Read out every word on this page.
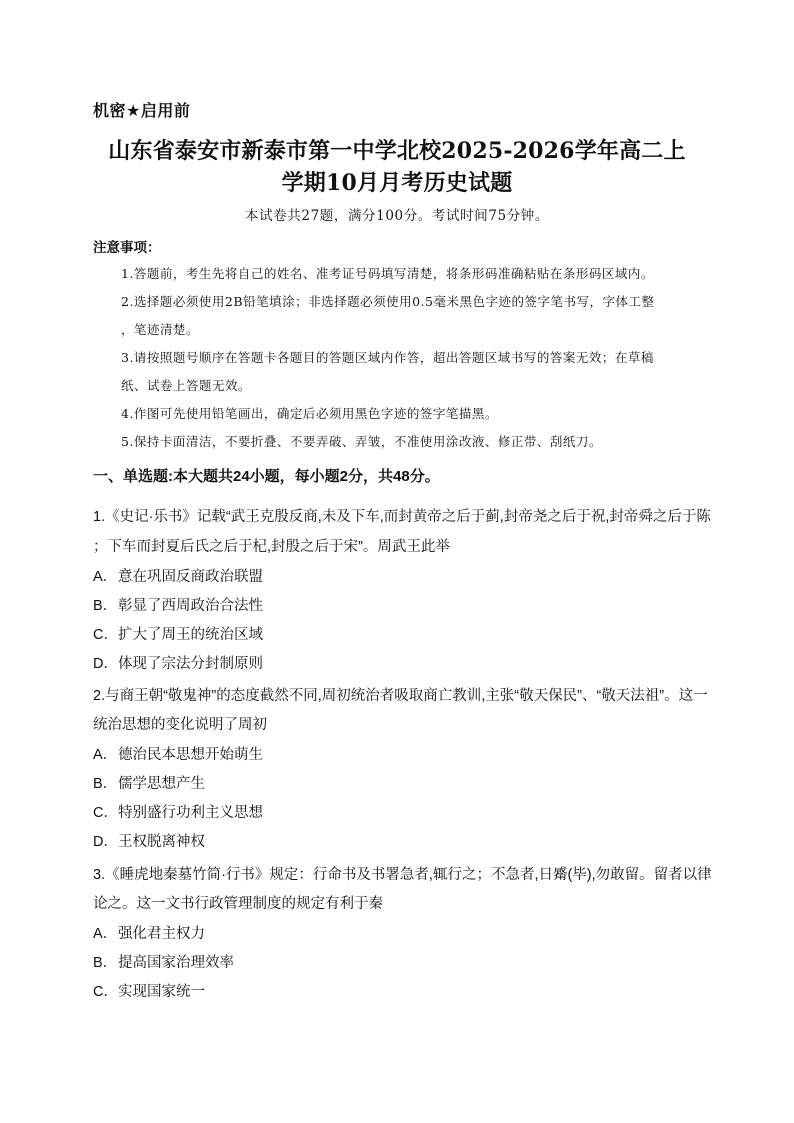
机密★启用前
山东省泰安市新泰市第一中学北校2025-2026学年高二上
学期10月月考历史试题
本试卷共27题，满分100分。考试时间75分钟。
注意事项：
1.答题前，考生先将自己的姓名、准考证号码填写清楚，将条形码准确粘贴在条形码区域内。
2.选择题必须使用2B铅笔填涂；非选择题必须使用0.5毫米黑色字迹的签字笔书写，字体工整
，笔迹清楚。
3.请按照题号顺序在答题卡各题目的答题区域内作答，超出答题区域书写的答案无效；在草稿
纸、试卷上答题无效。
4.作图可先使用铅笔画出，确定后必须用黑色字迹的签字笔描黑。
5.保持卡面清洁，不要折叠、不要弄破、弄皱，不准使用涂改液、修正带、刮纸刀。
一、单选题:本大题共24小题，每小题2分，共48分。
1.《史记·乐书》记载“武王克殷反商,未及下车,而封黄帝之后于蓟,封帝尧之后于祝,封帝舜之后于陈
；下车而封夏后氏之后于杞,封殷之后于宋”。周武王此举
A．意在巩固反商政治联盟
B．彰显了西周政治合法性
C．扩大了周王的统治区域
D．体现了宗法分封制原则
2.与商王朝“敬鬼神”的态度截然不同,周初统治者吸取商亡教训,主张“敬天保民”、“敬天法祖”。这一
统治思想的变化说明了周初
A．德治民本思想开始萌生
B．儒学思想产生
C．特别盛行功利主义思想
D．王权脱离神权
3.《睡虎地秦墓竹简·行书》规定：行命书及书署急者,辄行之；不急者,日觱(毕),勿敢留。留者以律
论之。这一文书行政管理制度的规定有利于秦
A．强化君主权力
B．提高国家治理效率
C．实现国家统一
